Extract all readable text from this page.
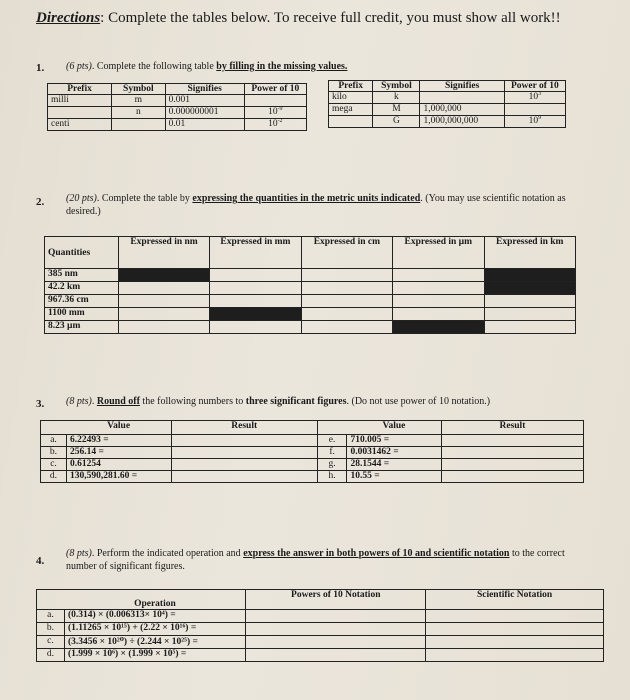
Directions: Complete the tables below. To receive full credit, you must show all work!!
1. (6 pts). Complete the following table by filling in the missing values.
Prefix	Symbol	Signifies	Power of 10
milli	m	0.001	
	n	0.000000001	$10^{-9}$
centi		0.01	$10^{-2}$
Prefix	Symbol	Signifies	Power of 10
kilo	k		$10^3$
mega	M	1,000,000	
	G	1,000,000,000	$10^9$
2. (20 pts). Complete the table by expressing the quantities in the metric units indicated. (You may use scientific notation as desired.)
Quantities	Expressed in nm	Expressed in mm	Expressed in cm	Expressed in µm	Expressed in km
385 nm					
42.2 km					
967.36 cm					
1100 mm					
8.23 µm					
3. (8 pts). Round off the following numbers to three significant figures. (Do not use power of 10 notation.)
	Value	Result		Value	Result
a.	6.22493 =		e.	710.005 =	
b.	256.14 =		f.	0.0031462 =	
c.	0.61254		g.	28.1544 =	
d.	130,590,281.60 =		h.	10.55 =	
4.
(8 pts). Perform the indicated operation and express the answer in both powers of 10 and scientific notation to the correct number of significant figures.
	Operation	Powers of 10 Notation	Scientific Notation
a.	(0.314) × (0.006313× 10⁴) =		
b.	(1.11265 × 10¹⁵) + (2.22 × 10¹⁶) =		
c.	(3.3456 × 10²⁰) ÷ (2.244 × 10²⁵) =		
d.	(1.999 × 10⁶) × (1.999 × 10⁵) =		
